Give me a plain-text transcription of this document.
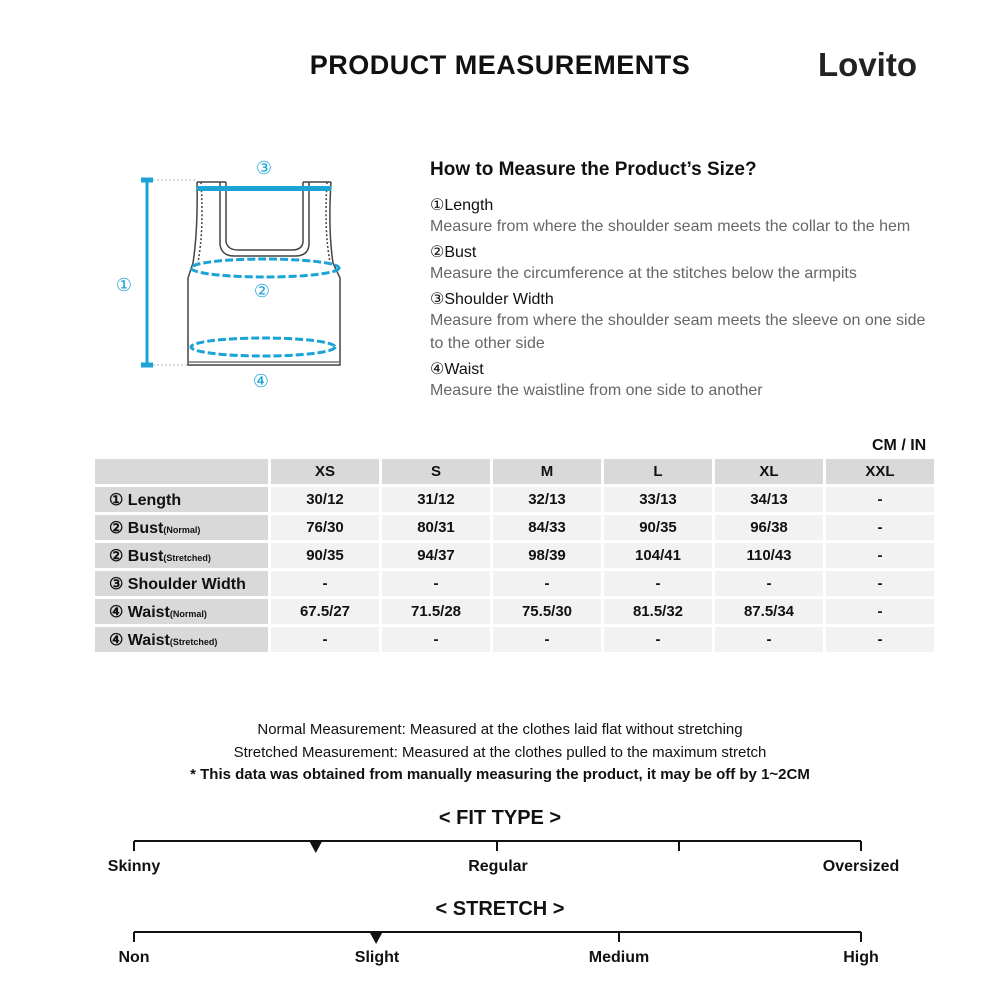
PRODUCT MEASUREMENTS	Lovito
①	②
③
④
How to Measure the Product’s Size?
①Length
Measure from where the shoulder seam meets the collar to the hem
②Bust
Measure the circumference at the stitches below the armpits
③Shoulder Width
Measure from where the shoulder seam meets the sleeve on one side to the other side
④Waist
Measure the waistline from one side to another
CM / IN
	XS	S	M	L	XL	XXL
① Length	30/12	31/12	32/13	33/13	34/13	-
② Bust(Normal)	76/30	80/31	84/33	90/35	96/38	-
② Bust(Stretched)	90/35	94/37	98/39	104/41	110/43	-
③ Shoulder Width	-	-	-	-	-	-
④ Waist(Normal)	67.5/27	71.5/28	75.5/30	81.5/32	87.5/34	-
④ Waist(Stretched)	-	-	-	-	-	-
Normal Measurement: Measured at the clothes laid flat without stretching
Stretched Measurement: Measured at the clothes pulled to the maximum stretch
* This data was obtained from manually measuring the product, it may be off by 1~2CM
< FIT TYPE >
Skinny	Regular	Oversized
< STRETCH >
Non	Slight	Medium	High
